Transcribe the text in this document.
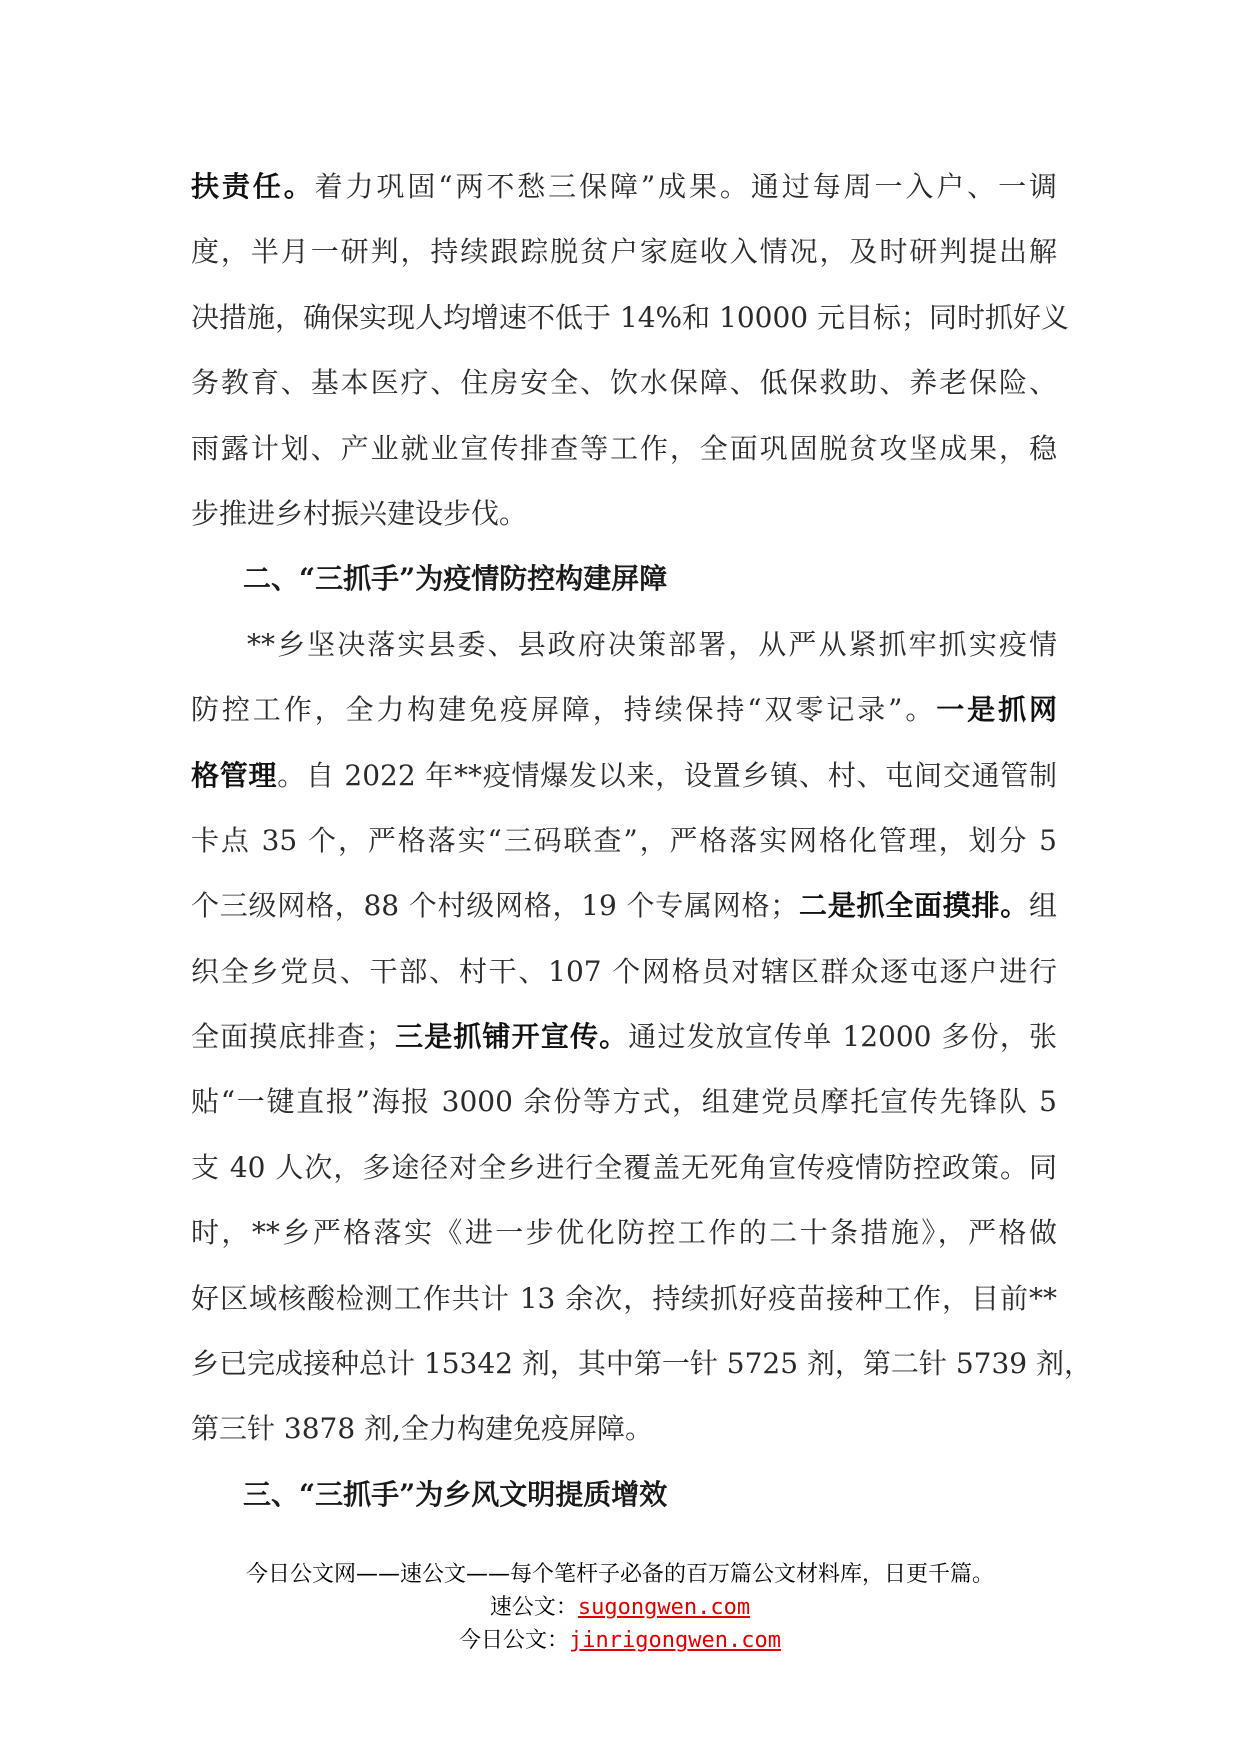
扶责任。着力巩固“两不愁三保障”成果。通过每周一入户、一调
度，半月一研判，持续跟踪脱贫户家庭收入情况，及时研判提出解
决措施，确保实现人均增速不低于 14%和 10000 元目标；同时抓好义
务教育、基本医疗、住房安全、饮水保障、低保救助、养老保险、
雨露计划、产业就业宣传排查等工作，全面巩固脱贫攻坚成果，稳
步推进乡村振兴建设步伐。
二、“三抓手”为疫情防控构建屏障
**乡坚决落实县委、县政府决策部署，从严从紧抓牢抓实疫情
防控工作，全力构建免疫屏障，持续保持“双零记录”。一是抓网
格管理。自 2022 年**疫情爆发以来，设置乡镇、村、屯间交通管制
卡点 35 个，严格落实“三码联查”，严格落实网格化管理，划分 5
个三级网格，88 个村级网格，19 个专属网格；二是抓全面摸排。组
织全乡党员、干部、村干、107 个网格员对辖区群众逐屯逐户进行
全面摸底排查；三是抓铺开宣传。通过发放宣传单 12000 多份，张
贴“一键直报”海报 3000 余份等方式，组建党员摩托宣传先锋队 5
支 40 人次，多途径对全乡进行全覆盖无死角宣传疫情防控政策。同
时，**乡严格落实《进一步优化防控工作的二十条措施》，严格做
好区域核酸检测工作共计 13 余次，持续抓好疫苗接种工作，目前**
乡已完成接种总计 15342 剂，其中第一针 5725 剂，第二针 5739 剂，
第三针 3878 剂,全力构建免疫屏障。
三、“三抓手”为乡风文明提质增效
今日公文网——速公文——每个笔杆子必备的百万篇公文材料库，日更千篇。
速公文：sugongwen.com
今日公文：jinrigongwen.com
